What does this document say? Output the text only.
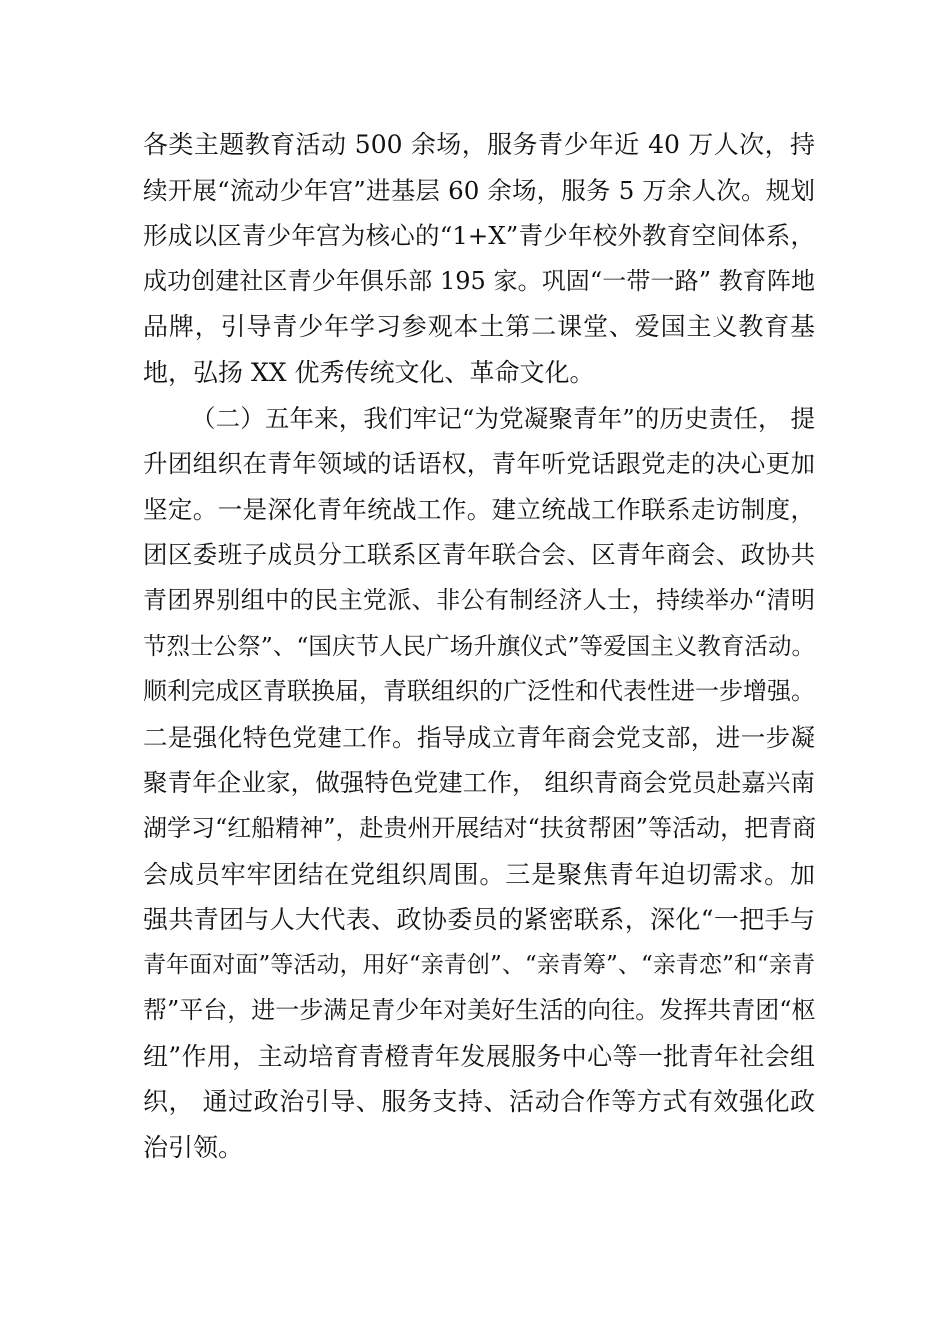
各类主题教育活动 500 余场，服务青少年近 40 万人次，持
续开展“流动少年宫”进基层 60 余场，服务 5 万余人次。规划
形成以区青少年宫为核心的“1+X”青少年校外教育空间体系，
成功创建社区青少年俱乐部 195 家。巩固“一带一路” 教育阵地
品牌，引导青少年学习参观本土第二课堂、爱国主义教育基
地，弘扬 XX 优秀传统文化、革命文化。
（二）五年来，我们牢记“为党凝聚青年”的历史责任， 提
升团组织在青年领域的话语权，青年听党话跟党走的决心更加
坚定。一是深化青年统战工作。建立统战工作联系走访制度，
团区委班子成员分工联系区青年联合会、区青年商会、政协共
青团界别组中的民主党派、非公有制经济人士，持续举办“清明
节烈士公祭”、“国庆节人民广场升旗仪式”等爱国主义教育活动。
顺利完成区青联换届，青联组织的广泛性和代表性进一步增强。
二是强化特色党建工作。指导成立青年商会党支部，进一步凝
聚青年企业家，做强特色党建工作， 组织青商会党员赴嘉兴南
湖学习“红船精神”，赴贵州开展结对“扶贫帮困”等活动，把青商
会成员牢牢团结在党组织周围。三是聚焦青年迫切需求。加
强共青团与人大代表、政协委员的紧密联系，深化“一把手与
青年面对面”等活动，用好“亲青创”、“亲青筹”、“亲青恋”和“亲青
帮”平台，进一步满足青少年对美好生活的向往。发挥共青团“枢
纽”作用，主动培育青橙青年发展服务中心等一批青年社会组
织， 通过政治引导、服务支持、活动合作等方式有效强化政
治引领。
